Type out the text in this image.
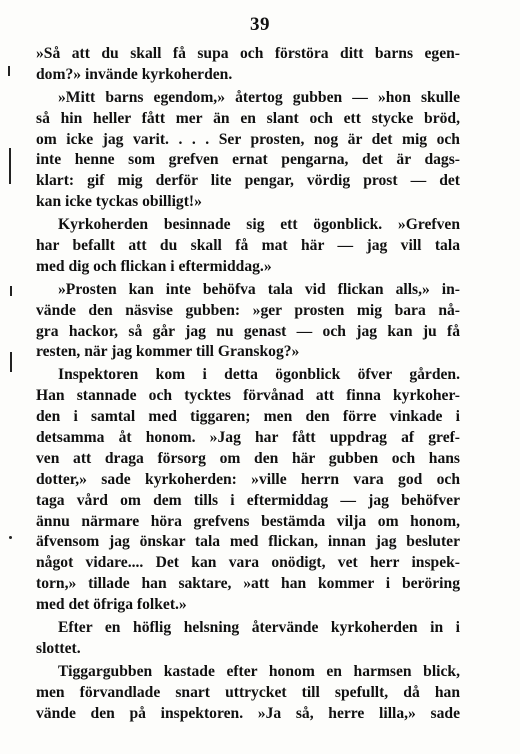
39
»Så att du skall få supa och förstöra ditt barns egen-
dom?» invände kyrkoherden.
»Mitt barns egendom,» återtog gubben — »hon skulle
så hin heller fått mer än en slant och ett stycke bröd,
om icke jag varit. . . . Ser prosten, nog är det mig och
inte henne som grefven ernat pengarna, det är dags-
klart: gif mig derför lite pengar, vördig prost — det
kan icke tyckas obilligt!»
Kyrkoherden besinnade sig ett ögonblick. »Grefven
har befallt att du skall få mat här — jag vill tala
med dig och flickan i eftermiddag.»
»Prosten kan inte behöfva tala vid flickan alls,» in-
vände den näsvise gubben: »ger prosten mig bara nå-
gra hackor, så går jag nu genast — och jag kan ju få
resten, när jag kommer till Granskog?»
Inspektoren kom i detta ögonblick öfver gården.
Han stannade och tycktes förvånad att finna kyrkoher-
den i samtal med tiggaren; men den förre vinkade i
detsamma åt honom. »Jag har fått uppdrag af gref-
ven att draga försorg om den här gubben och hans
dotter,» sade kyrkoherden: »ville herrn vara god och
taga vård om dem tills i eftermiddag — jag behöfver
ännu närmare höra grefvens bestämda vilja om honom,
äfvensom jag önskar tala med flickan, innan jag besluter
något vidare.... Det kan vara onödigt, vet herr inspek-
torn,» tillade han saktare, »att han kommer i beröring
med det öfriga folket.»
Efter en höflig helsning återvände kyrkoherden in i
slottet.
Tiggargubben kastade efter honom en harmsen blick,
men förvandlade snart uttrycket till spefullt, då han
vände den på inspektoren. »Ja så, herre lilla,» sade
